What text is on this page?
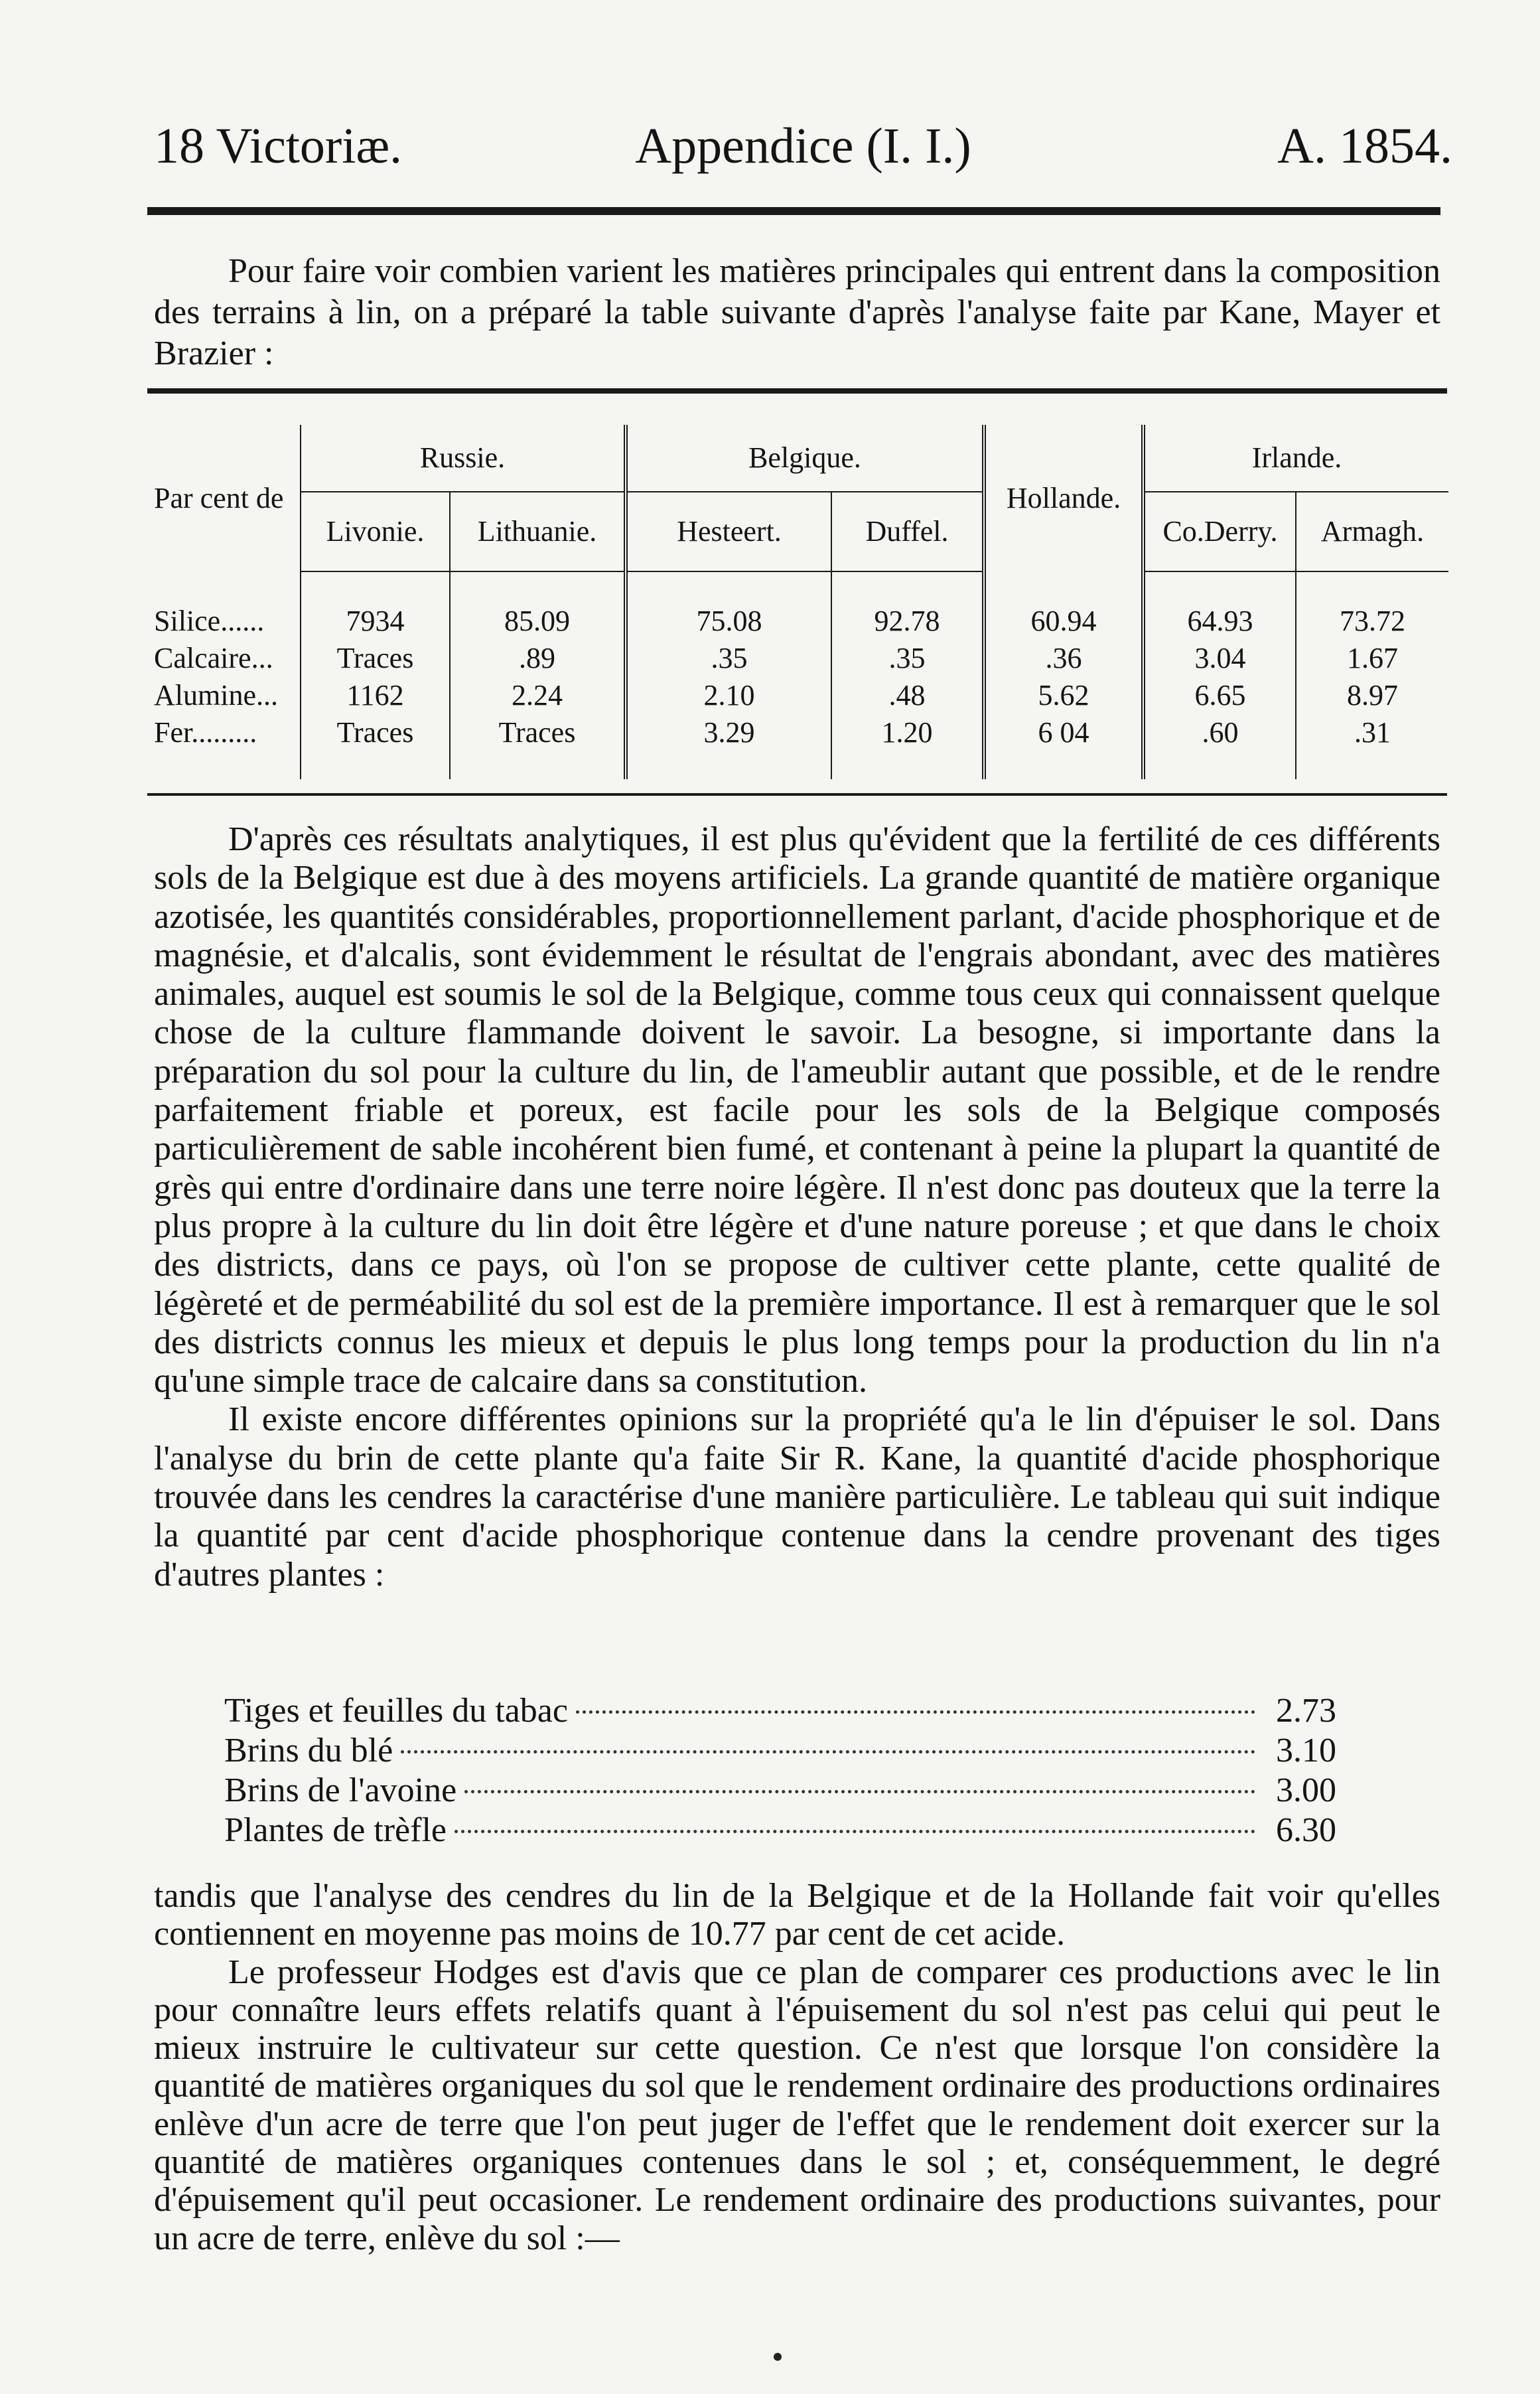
18 Victoriæ.	Appendice (I. I.)	A. 1854.
Pour faire voir combien varient les matières principales qui entrent dans la composition des terrains à lin, on a préparé la table suivante d'après l'analyse faite par Kane, Mayer et Brazier :
Par cent de	Russie.		Belgique.		Hollande.	Irlande.	
	Livonie.	Lithuanie.	Hesteert.	Duffel.		Co.Derry.	Armagh.

Silice......	7934	85.09	75.08	92.78	60.94	64.93	73.72
Calcaire...	Traces	.89	.35	.35	.36	3.04	1.67
Alumine...	1162	2.24	2.10	.48	5.62	6.65	8.97
Fer.........	Traces	Traces	3.29	1.20	6 04	.60	.31

D'après ces résultats analytiques, il est plus qu'évident que la fertilité de ces différents sols de la Belgique est due à des moyens artificiels. La grande quantité de matière organique azotisée, les quantités considérables, proportionnellement parlant, d'acide phosphorique et de magnésie, et d'alcalis, sont évidemment le résultat de l'engrais abondant, avec des matières animales, auquel est soumis le sol de la Belgique, comme tous ceux qui connaissent quelque chose de la culture flammande doivent le savoir. La besogne, si importante dans la préparation du sol pour la culture du lin, de l'ameublir autant que possible, et de le rendre parfaitement friable et poreux, est facile pour les sols de la Belgique composés particulièrement de sable incohérent bien fumé, et contenant à peine la plupart la quantité de grès qui entre d'ordinaire dans une terre noire légère. Il n'est donc pas douteux que la terre la plus propre à la culture du lin doit être légère et d'une nature poreuse ; et que dans le choix des districts, dans ce pays, où l'on se propose de cultiver cette plante, cette qualité de légèreté et de perméabilité du sol est de la première importance. Il est à remarquer que le sol des districts connus les mieux et depuis le plus long temps pour la production du lin n'a qu'une simple trace de calcaire dans sa constitution.

Il existe encore différentes opinions sur la propriété qu'a le lin d'épuiser le sol. Dans l'analyse du brin de cette plante qu'a faite Sir R. Kane, la quantité d'acide phosphorique trouvée dans les cendres la caractérise d'une manière particulière. Le tableau qui suit indique la quantité par cent d'acide phosphorique contenue dans la cendre provenant des tiges d'autres plantes :

Tiges et feuilles du tabac	2.73
Brins du blé	3.10
Brins de l'avoine	3.00
Plantes de trèfle	6.30

tandis que l'analyse des cendres du lin de la Belgique et de la Hollande fait voir qu'elles contiennent en moyenne pas moins de 10.77 par cent de cet acide.

Le professeur Hodges est d'avis que ce plan de comparer ces productions avec le lin pour connaître leurs effets relatifs quant à l'épuisement du sol n'est pas celui qui peut le mieux instruire le cultivateur sur cette question. Ce n'est que lorsque l'on considère la quantité de matières organiques du sol que le rendement ordinaire des productions ordinaires enlève d'un acre de terre que l'on peut juger de l'effet que le rendement doit exercer sur la quantité de matières organiques contenues dans le sol ; et, conséquemment, le degré d'épuisement qu'il peut occasioner. Le rendement ordinaire des productions suivantes, pour un acre de terre, enlève du sol :—
